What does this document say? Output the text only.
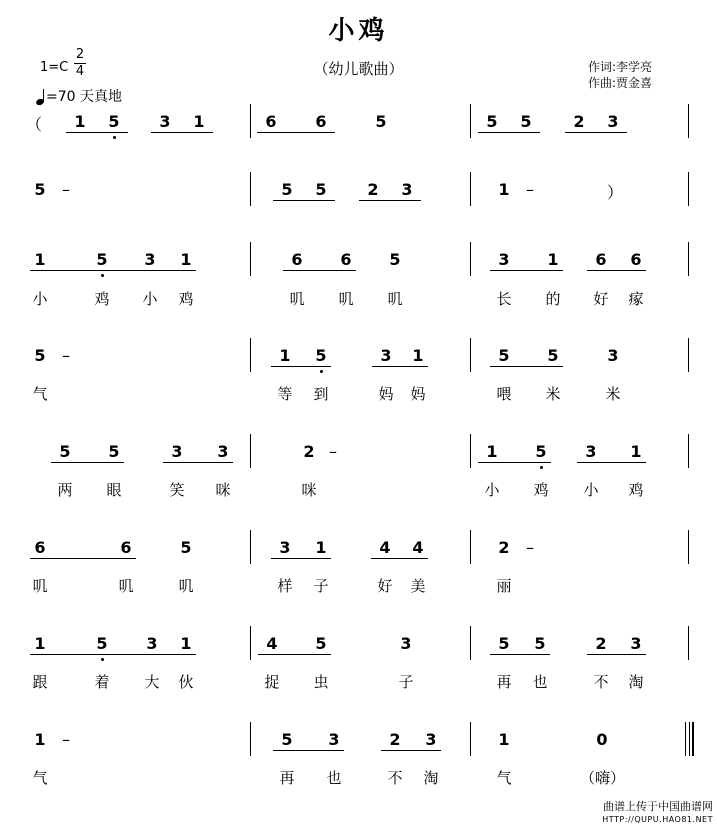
小鸡
（幼儿歌曲）	作词:李学亮
作曲:贾金喜
1=C
2
4
=70 天真地
1 5 3 1	6 6	5	5 5	2 3
（
5	–	5 5	2 3	1	–	）
1	5 3 1	6 6 5	3 1 6 6
小	鸡	小	鸡	叽	叽	叽	长	的	好	瘃
5	–	1 5	3 1	5 5	3
气	等	到	妈	妈	喂	米	米
5 5	3 3	2 –	1 5 3 1
两	眼	笑	咪	咪	小	鸡	小	鸡
6	6	5	3 1	4 4	2	–
叽	叽	叽	样	子	好	美	丽
1	5 3 1	4 5	3	5 5	2 3
跟	着	大	伙	捉	虫	子	再	也	不	淘
1	–	5 3	2 3	1	0
气	再	也	不	淘	气	（嗨）
曲谱上传于中国曲谱网
HTTP://QUPU.HAO81.NET
